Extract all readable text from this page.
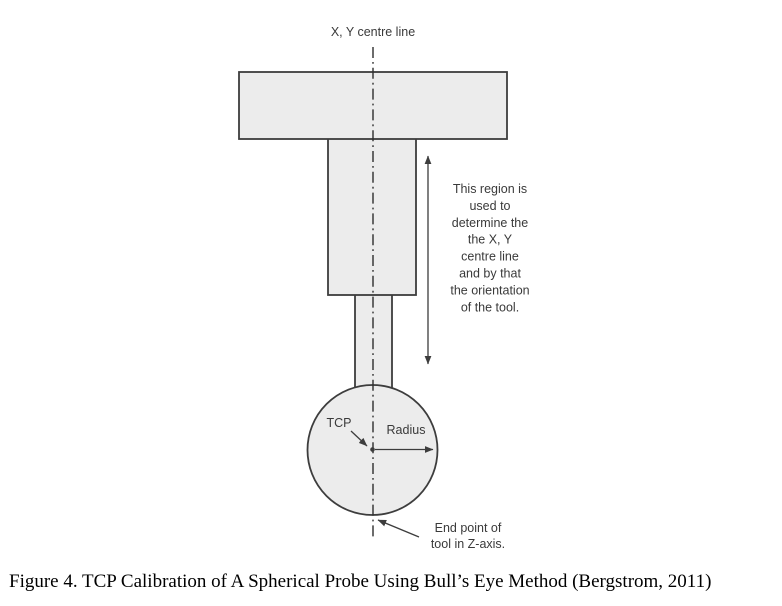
X, Y centre line
This region is
used to
determine the
the X, Y
centre line
and by that
the orientation
of the tool.
TCP	Radius
End point of
tool in Z-axis.
Figure 4. TCP Calibration of A Spherical Probe Using Bull’s Eye Method (Bergstrom, 2011)
